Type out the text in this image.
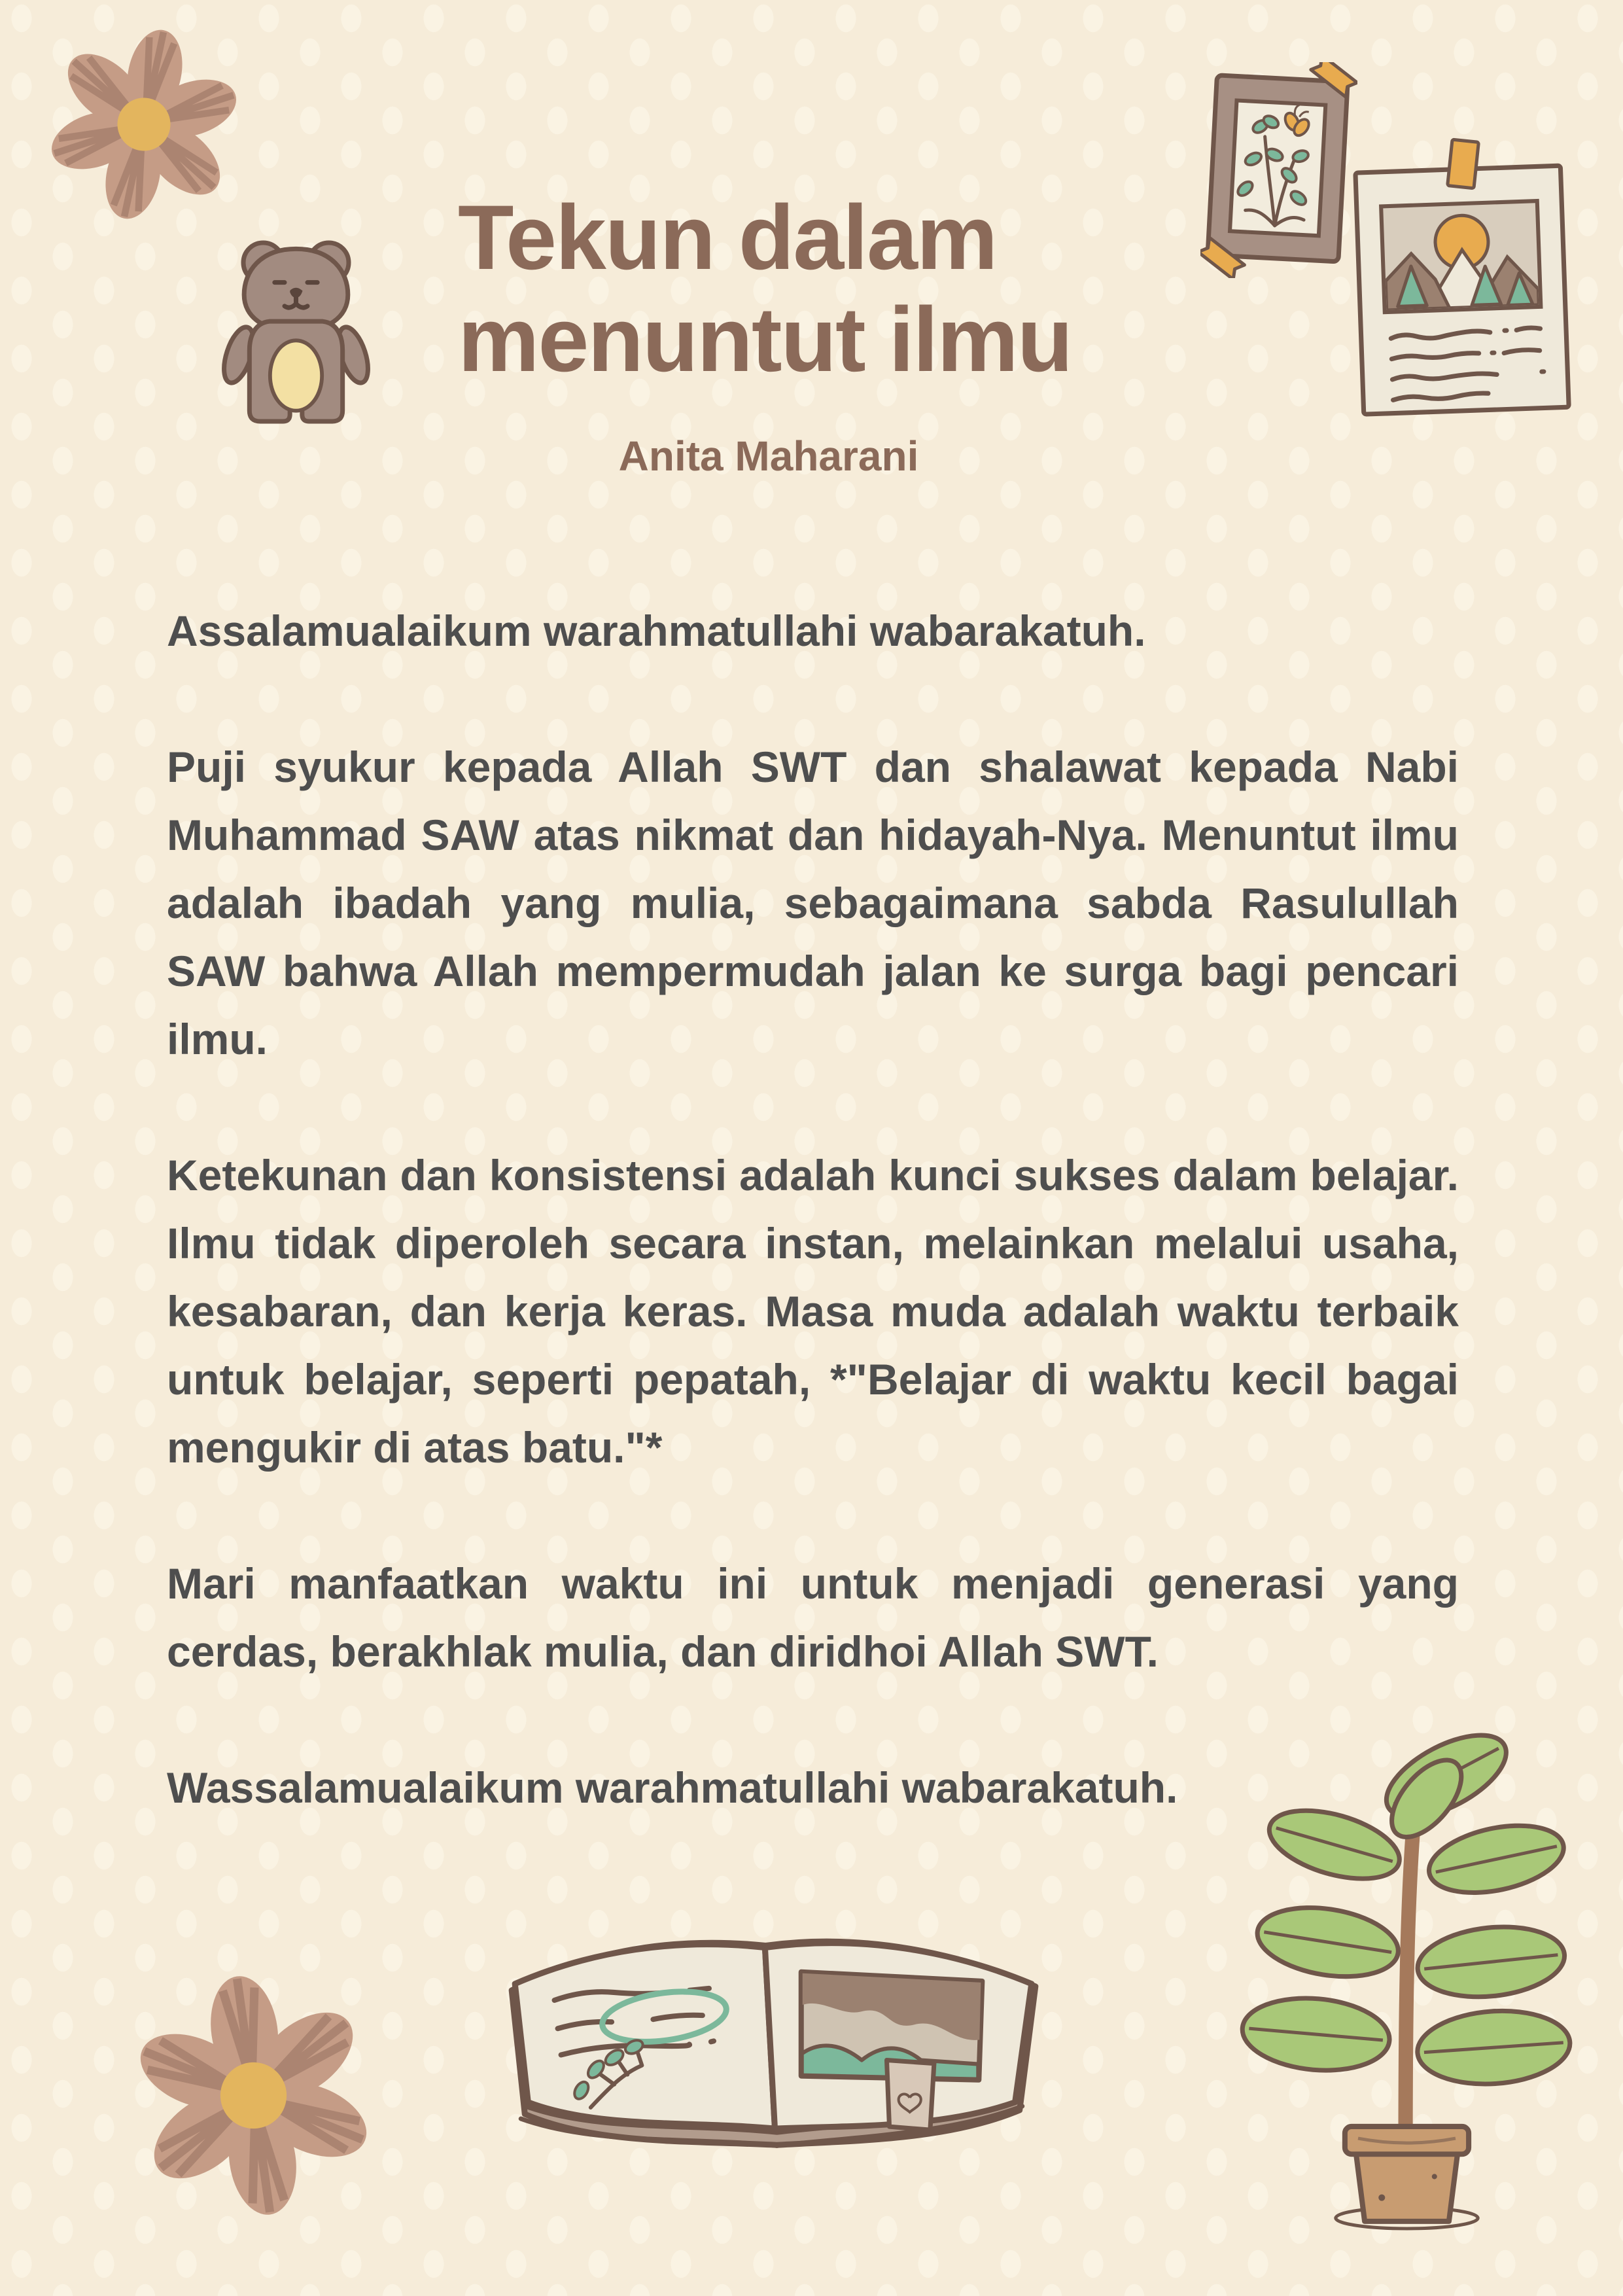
Tekun dalam
menuntut ilmu
Anita Maharani

Assalamualaikum warahmatullahi wabarakatuh.

Puji syukur kepada Allah SWT dan shalawat kepada Nabi Muhammad SAW atas nikmat dan hidayah-Nya. Menuntut ilmu adalah ibadah yang mulia, sebagaimana sabda Rasulullah SAW bahwa Allah mempermudah jalan ke surga bagi pencari ilmu.

Ketekunan dan konsistensi adalah kunci sukses dalam belajar. Ilmu tidak diperoleh secara instan, melainkan melalui usaha, kesabaran, dan kerja keras. Masa muda adalah waktu terbaik untuk belajar, seperti pepatah, *"Belajar di waktu kecil bagai mengukir di atas batu."*

Mari manfaatkan waktu ini untuk menjadi generasi yang cerdas, berakhlak mulia, dan diridhoi Allah SWT.

Wassalamualaikum warahmatullahi wabarakatuh.
